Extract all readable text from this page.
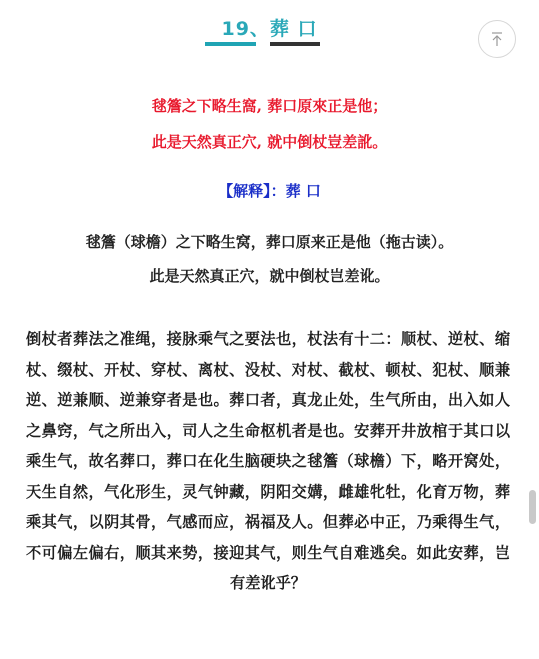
19、葬 口
毬簷之下略生窩, 葬口原來正是他；
此是天然真正穴, 就中倒杖豈差訛。
【解释】：葬 口
毬簷（球檐）之下略生窝，葬口原来正是他（拖古读）。
此是天然真正穴，就中倒杖岂差讹。
倒杖者葬法之准绳，接脉乘气之要法也，杖法有十二：顺杖、逆杖、缩杖、缀杖、开杖、穿杖、离杖、没杖、对杖、截杖、顿杖、犯杖、顺兼逆、逆兼顺、逆兼穿者是也。葬口者，真龙止处，生气所由，出入如人之鼻窍，气之所出入，司人之生命枢机者是也。安葬开井放棺于其口以乘生气，故名葬口，葬口在化生脑硬块之毬簷（球檐）下，略开窝处，天生自然，气化形生，灵气钟藏，阴阳交媾，雌雄牝牡，化育万物，葬乘其气，以阴其骨，气感而应，祸福及人。但葬必中正，乃乘得生气，不可偏左偏右，顺其来势，接迎其气，则生气自难逃矣。如此安葬，岂有差讹乎？
